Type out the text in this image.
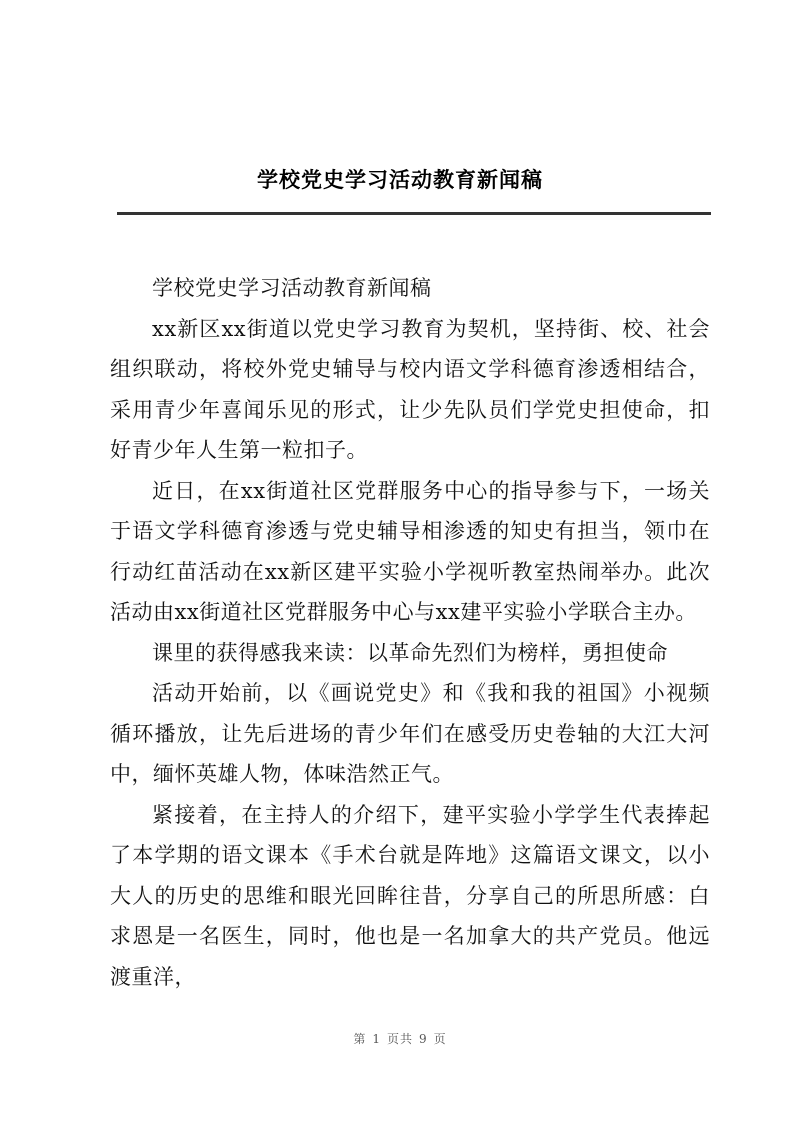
学校党史学习活动教育新闻稿

学校党史学习活动教育新闻稿

xx新区xx街道以党史学习教育为契机，坚持街、校、社会组织联动，将校外党史辅导与校内语文学科德育渗透相结合，采用青少年喜闻乐见的形式，让少先队员们学党史担使命，扣好青少年人生第一粒扣子。

近日，在xx街道社区党群服务中心的指导参与下，一场关于语文学科德育渗透与党史辅导相渗透的知史有担当，领巾在行动红苗活动在xx新区建平实验小学视听教室热闹举办。此次活动由xx街道社区党群服务中心与xx建平实验小学联合主办。

课里的获得感我来读：以革命先烈们为榜样，勇担使命

活动开始前，以《画说党史》和《我和我的祖国》小视频循环播放，让先后进场的青少年们在感受历史卷轴的大江大河中，缅怀英雄人物，体味浩然正气。

紧接着，在主持人的介绍下，建平实验小学学生代表捧起了本学期的语文课本《手术台就是阵地》这篇语文课文，以小大人的历史的思维和眼光回眸往昔，分享自己的所思所感：白求恩是一名医生，同时，他也是一名加拿大的共产党员。他远渡重洋，

第 1 页共 9 页
